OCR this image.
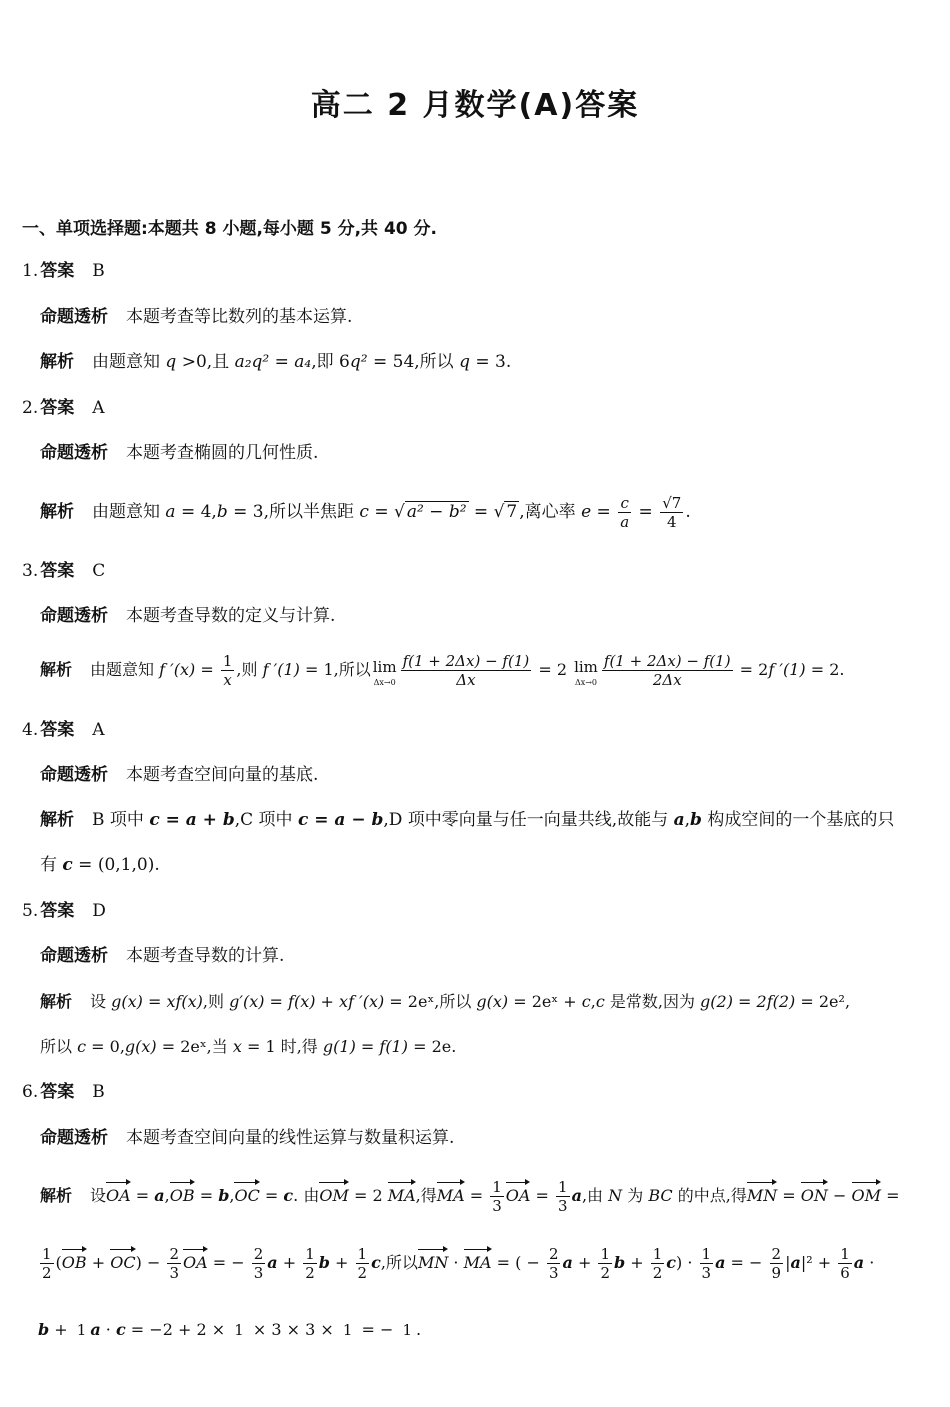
高二 2 月数学(A)答案
一、单项选择题:本题共 8 小题,每小题 5 分,共 40 分.
1. 答案 B
命题透析 本题考查等比数列的基本运算.
解析 由题意知 q >0,且 a₂q² = a₄,即 6q² = 54,所以 q = 3.
2. 答案 A
命题透析 本题考查椭圆的几何性质.
解析 由题意知 a = 4,b = 3,所以半焦距 c = √ a² − b² = √ 7 ,离心率 $e = \frac{c}{a} = \frac{√7}{4}$ .
3. 答案 C
命题透析 本题考查导数的定义与计算.
解析 由题意知 f $'(x) = \frac{1}{x}$ ,则 f ′(1) = 1,所以 lim
$\Delta x\to 0 \frac{f(1 + 2\Delta x) - f(1)}{\Delta x} = 2$ lim
$\Delta x\to 0 \frac{f(1 + 2\Delta x) - f(1)}{2\Delta x} = 2f$ ′(1) = 2.
4. 答案 A
命题透析 本题考查空间向量的基底.
解析 B 项中 c = a + b,C 项中 c = a − b,D 项中零向量与任一向量共线,故能与 a,b 构成空间的一个基底的只
有 c = (0,1,0).
5. 答案 D
命题透析 本题考查导数的计算.
解析 设 g(x) = xf(x),则 g′(x) = f(x) + xf ′(x) = 2eˣ,所以 g(x) = 2eˣ + c,c 是常数,因为 g(2) = 2f(2) = 2e²,
所以 c = 0,g(x) = 2eˣ,当 x = 1 时,得 g(1) = f(1) = 2e.
6. 答案 B
命题透析 本题考查空间向量的线性运算与数量积运算.
解析 设OA = a,OB = b,OC = c. 由OM = 2 MA,得MA = $\frac{1}{3}$ OA = $\frac{1}{3} a$,由 N 为 BC 的中点,得MN = ON − OM =
$\frac{1}{2} (OB + OC) - \frac{2}{3}$ OA = − $\frac{2}{3}$ $a + \frac{1}{2}$ $b + \frac{1}{2} c$,所以MN · MA = ( − $\frac{2}{3}$ $a + \frac{1}{2}$ $b + \frac{1}{2} c) \cdot \frac{1}{3}$ a = − $\frac{2}{9} |a|^2 + \frac{1}{6}$ a ·
b + 1 a · c = −2 + 2 × 1 × 3 × 3 × 1 = − 1 .
